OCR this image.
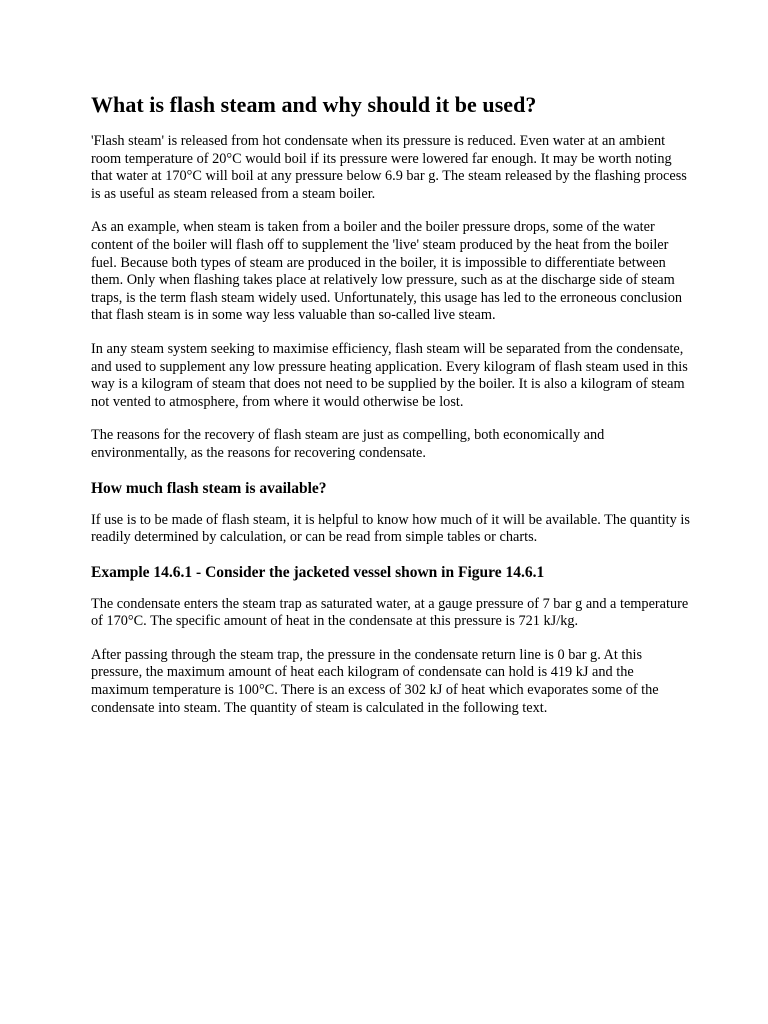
What is flash steam and why should it be used?

'Flash steam' is released from hot condensate when its pressure is reduced. Even water at an ambient room temperature of 20°C would boil if its pressure were lowered far enough. It may be worth noting that water at 170°C will boil at any pressure below 6.9 bar g. The steam released by the flashing process is as useful as steam released from a steam boiler.

As an example, when steam is taken from a boiler and the boiler pressure drops, some of the water content of the boiler will flash off to supplement the 'live' steam produced by the heat from the boiler fuel. Because both types of steam are produced in the boiler, it is impossible to differentiate between them. Only when flashing takes place at relatively low pressure, such as at the discharge side of steam traps, is the term flash steam widely used. Unfortunately, this usage has led to the erroneous conclusion that flash steam is in some way less valuable than so-called live steam.

In any steam system seeking to maximise efficiency, flash steam will be separated from the condensate, and used to supplement any low pressure heating application. Every kilogram of flash steam used in this way is a kilogram of steam that does not need to be supplied by the boiler. It is also a kilogram of steam not vented to atmosphere, from where it would otherwise be lost.

The reasons for the recovery of flash steam are just as compelling, both economically and environmentally, as the reasons for recovering condensate.

How much flash steam is available?

If use is to be made of flash steam, it is helpful to know how much of it will be available. The quantity is readily determined by calculation, or can be read from simple tables or charts.

Example 14.6.1 - Consider the jacketed vessel shown in Figure 14.6.1

The condensate enters the steam trap as saturated water, at a gauge pressure of 7 bar g and a temperature of 170°C. The specific amount of heat in the condensate at this pressure is 721 kJ/kg.

After passing through the steam trap, the pressure in the condensate return line is 0 bar g. At this pressure, the maximum amount of heat each kilogram of condensate can hold is 419 kJ and the maximum temperature is 100°C. There is an excess of 302 kJ of heat which evaporates some of the condensate into steam. The quantity of steam is calculated in the following text.
